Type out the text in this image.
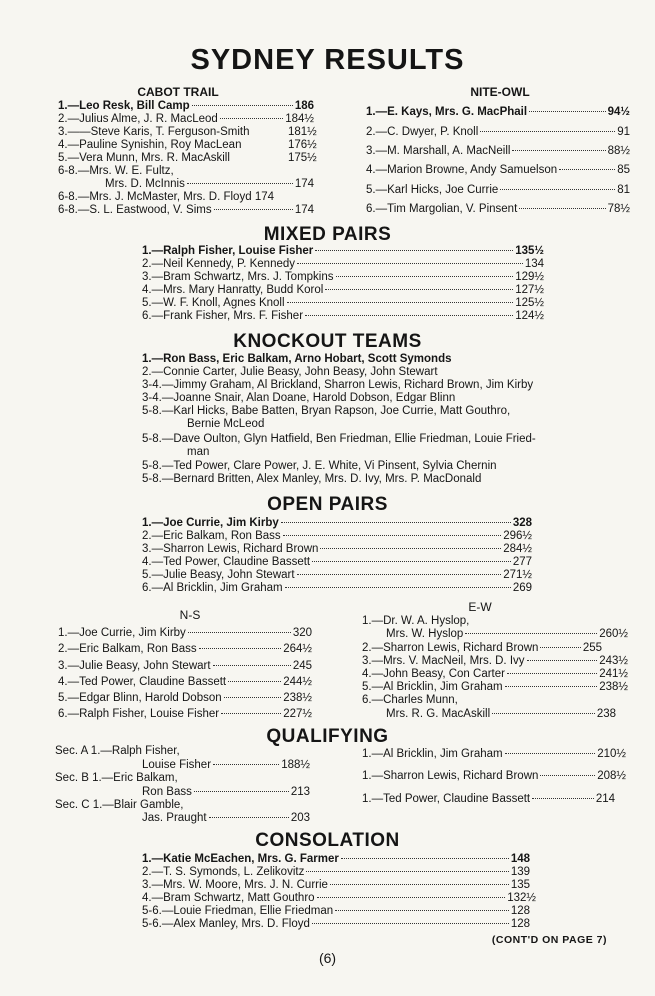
SYDNEY RESULTS
CABOT TRAIL
1.—Leo Resk, Bill Camp	186
2.—Julius Alme, J. R. MacLeod	184½
3.——Steve Karis, T. Ferguson-Smith	181½
4.—Pauline Synishin, Roy MacLean	176½
5.—Vera Munn, Mrs. R. MacAskill	175½
6-8.—Mrs. W. E. Fultz,
Mrs. D. McInnis	174
6-8.—Mrs. J. McMaster, Mrs. D. Floyd 174
6-8.—S. L. Eastwood, V. Sims	174
NITE-OWL
1.—E. Kays, Mrs. G. MacPhail	94½
2.—C. Dwyer, P. Knoll	91
3.—M. Marshall, A. MacNeill	88½
4.—Marion Browne, Andy Samuelson	85
5.—Karl Hicks, Joe Currie	81
6.—Tim Margolian, V. Pinsent	78½
MIXED PAIRS
1.—Ralph Fisher, Louise Fisher	135½
2.—Neil Kennedy, P. Kennedy	134
3.—Bram Schwartz, Mrs. J. Tompkins	129½
4.—Mrs. Mary Hanratty, Budd Korol	127½
5.—W. F. Knoll, Agnes Knoll	125½
6.—Frank Fisher, Mrs. F. Fisher	124½
KNOCKOUT TEAMS
1.—Ron Bass, Eric Balkam, Arno Hobart, Scott Symonds
2.—Connie Carter, Julie Beasy, John Beasy, John Stewart
3-4.—Jimmy Graham, Al Brickland, Sharron Lewis, Richard Brown, Jim Kirby
3-4.—Joanne Snair, Alan Doane, Harold Dobson, Edgar Blinn
5-8.—Karl Hicks, Babe Batten, Bryan Rapson, Joe Currie, Matt Gouthro,
Bernie McLeod
5-8.—Dave Oulton, Glyn Hatfield, Ben Friedman, Ellie Friedman, Louie Fried-
man
5-8.—Ted Power, Clare Power, J. E. White, Vi Pinsent, Sylvia Chernin
5-8.—Bernard Britten, Alex Manley, Mrs. D. Ivy, Mrs. P. MacDonald
OPEN PAIRS
1.—Joe Currie, Jim Kirby	328
2.—Eric Balkam, Ron Bass	296½
3.—Sharron Lewis, Richard Brown	284½
4.—Ted Power, Claudine Bassett	277
5.—Julie Beasy, John Stewart	271½
6.—Al Bricklin, Jim Graham	269
N-S
1.—Joe Currie, Jim Kirby	320
2.—Eric Balkam, Ron Bass	264½
3.—Julie Beasy, John Stewart	245
4.—Ted Power, Claudine Bassett	244½
5.—Edgar Blinn, Harold Dobson	238½
6.—Ralph Fisher, Louise Fisher	227½
E-W
1.—Dr. W. A. Hyslop,
Mrs. W. Hyslop	260½
2.—Sharron Lewis, Richard Brown	255
3.—Mrs. V. MacNeil, Mrs. D. Ivy	243½
4.—John Beasy, Con Carter	241½
5.—Al Bricklin, Jim Graham	238½
6.—Charles Munn,
Mrs. R. G. MacAskill	238
QUALIFYING
Sec. A 1.—Ralph Fisher,
Louise Fisher	188½
Sec. B 1.—Eric Balkam,
Ron Bass	213
Sec. C 1.—Blair Gamble,
Jas. Praught	203
1.—Al Bricklin, Jim Graham	210½
1.—Sharron Lewis, Richard Brown	208½
1.—Ted Power, Claudine Bassett	214
CONSOLATION
1.—Katie McEachen, Mrs. G. Farmer	148
2.—T. S. Symonds, L. Zelikovitz	139
3.—Mrs. W. Moore, Mrs. J. N. Currie	135
4.—Bram Schwartz, Matt Gouthro	132½
5-6.—Louie Friedman, Ellie Friedman	128
5-6.—Alex Manley, Mrs. D. Floyd	128
(CONT'D ON PAGE 7)
(6)
